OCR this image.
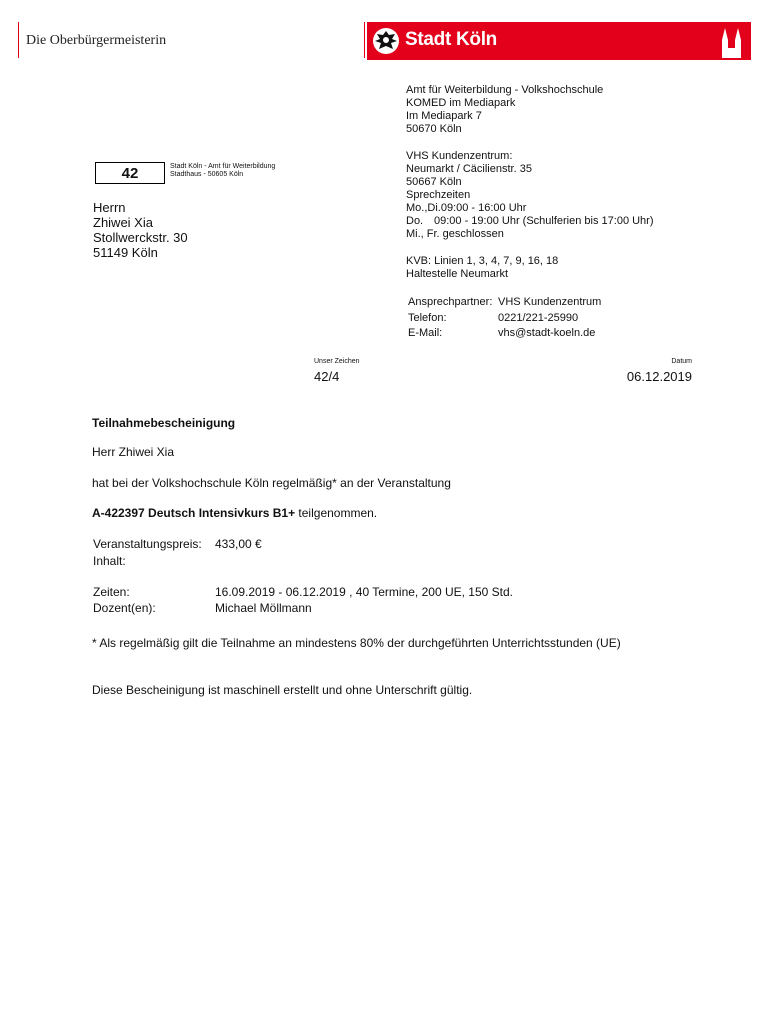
Die Oberbürgermeisterin	Stadt Köln
Amt für Weiterbildung - Volkshochschule
KOMED im Mediapark
Im Mediapark 7
50670 Köln
VHS Kundenzentrum:
Neumarkt / Cäcilienstr. 35
50667 Köln
Sprechzeiten
Mo.,Di.09:00 - 16:00 Uhr
Do. 09:00 - 19:00 Uhr (Schulferien bis 17:00 Uhr)
Mi., Fr. geschlossen
KVB: Linien 1, 3, 4, 7, 9, 16, 18
Haltestelle Neumarkt
Ansprechpartner: VHS Kundenzentrum
Telefon:	0221/221-25990
E-Mail:	vhs@stadt-koeln.de
42	Stadt Köln - Amt für Weiterbildung
Stadthaus - 50605 Köln
Herrn
Zhiwei Xia
Stollwerckstr. 30
51149 Köln
Unser Zeichen
42/4
Datum
06.12.2019
Teilnahmebescheinigung
Herr Zhiwei Xia
hat bei der Volkshochschule Köln regelmäßig* an der Veranstaltung
A-422397 Deutsch Intensivkurs B1+ teilgenommen.
Veranstaltungspreis: 433,00 €
Inhalt:
Zeiten:	16.09.2019 - 06.12.2019 , 40 Termine, 200 UE, 150 Std.
Dozent(en):	Michael Möllmann
* Als regelmäßig gilt die Teilnahme an mindestens 80% der durchgeführten Unterrichtsstunden (UE)
Diese Bescheinigung ist maschinell erstellt und ohne Unterschrift gültig.
